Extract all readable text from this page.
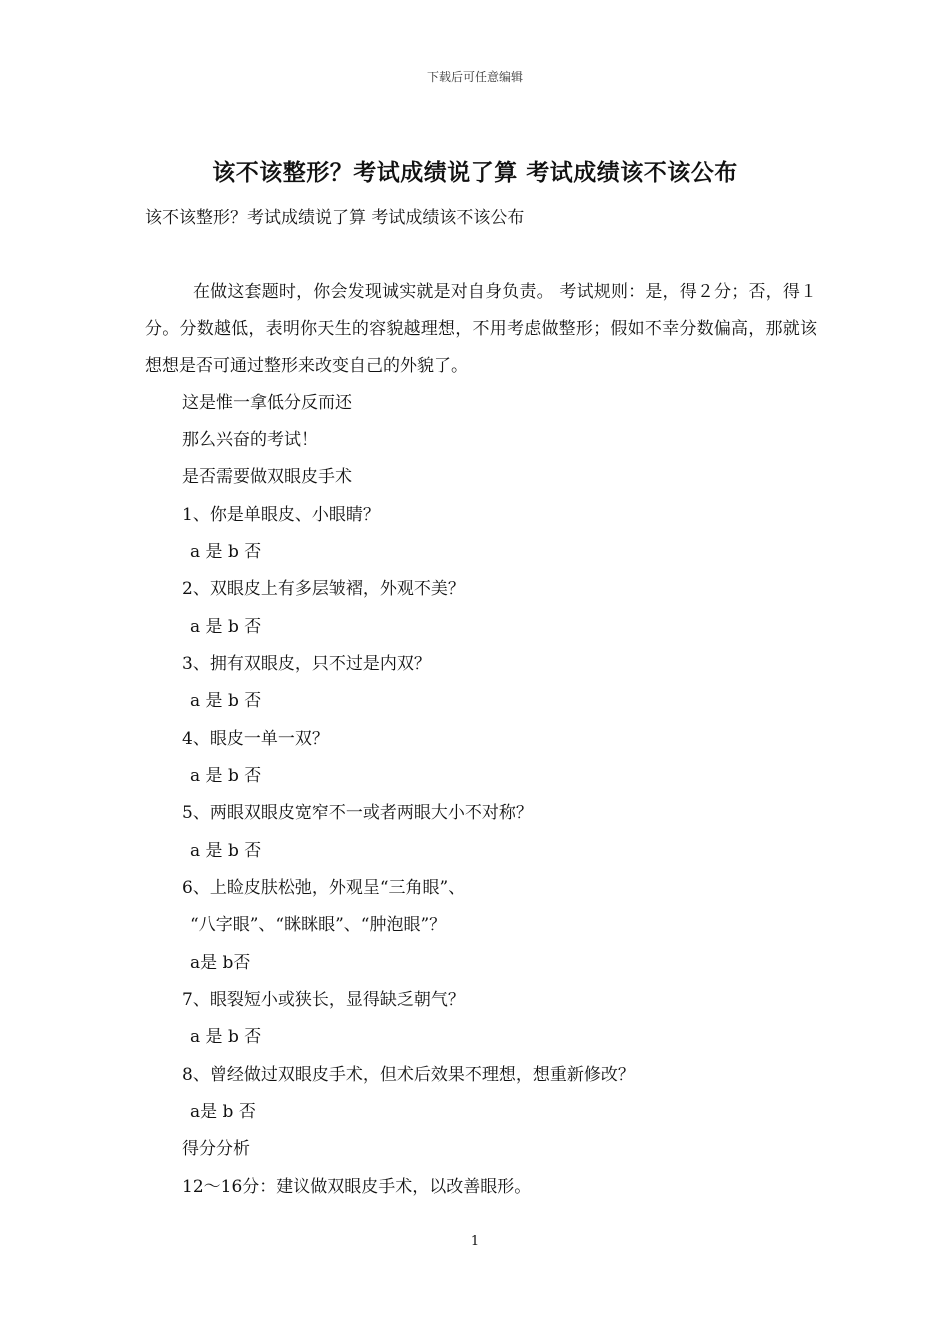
下载后可任意编辑
该不该整形？考试成绩说了算 考试成绩该不该公布
该不该整形？考试成绩说了算 考试成绩该不该公布

在做这套题时，你会发现诚实就是对自身负责。 考试规则：是，得２分；否，得１分。分数越低，表明你天生的容貌越理想，不用考虑做整形；假如不幸分数偏高，那就该想想是否可通过整形来改变自己的外貌了。

这是惟一拿低分反而还
那么兴奋的考试！
是否需要做双眼皮手术
1、你是单眼皮、小眼睛？
a 是 b 否
2、双眼皮上有多层皱褶，外观不美？
a 是 b 否
3、拥有双眼皮，只不过是内双？
a 是 b 否
4、眼皮一单一双？
a 是 b 否
5、两眼双眼皮宽窄不一或者两眼大小不对称？
a 是 b 否
6、上睑皮肤松弛，外观呈“三角眼”、
“八字眼”、“眯眯眼”、“肿泡眼”？
a是 b否
7、眼裂短小或狭长，显得缺乏朝气？
a 是 b 否
8、曾经做过双眼皮手术，但术后效果不理想，想重新修改？
a是 b 否
得分分析
12～16分：建议做双眼皮手术，以改善眼形。
1
